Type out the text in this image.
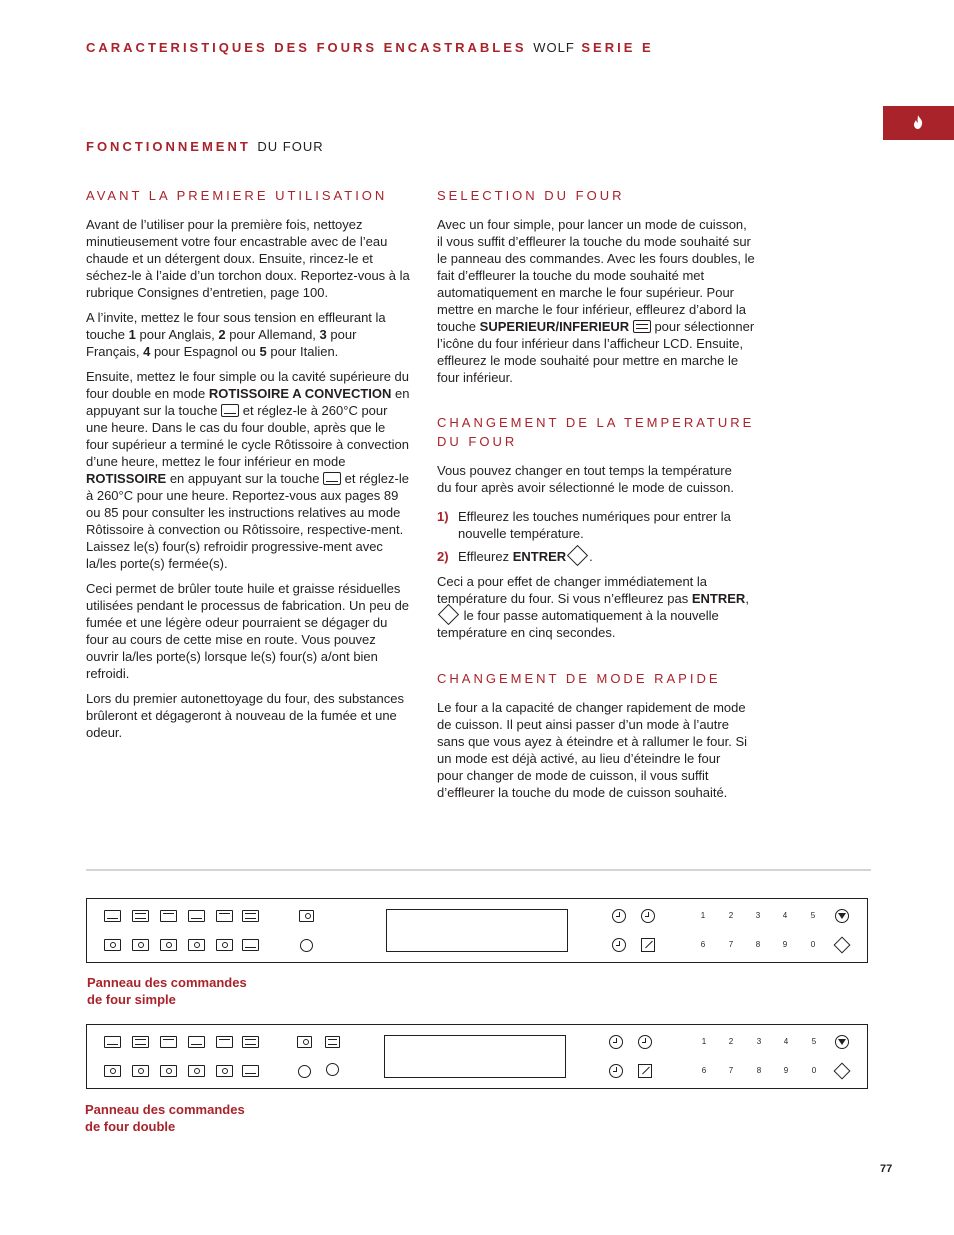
CARACTERISTIQUES DES FOURS ENCASTRABLES WOLF SERIE E
FONCTIONNEMENT DU FOUR
AVANT LA PREMIERE UTILISATION

Avant de l’utiliser pour la première fois, nettoyez minutieusement votre four encastrable avec de l’eau chaude et un détergent doux. Ensuite, rincez-le et séchez-le à l’aide d’un torchon doux. Reportez-vous à la rubrique Consignes d’entretien, page 100.

A l’invite, mettez le four sous tension en effleurant la touche 1 pour Anglais, 2 pour Allemand, 3 pour Français, 4 pour Espagnol ou 5 pour Italien.

Ensuite, mettez le four simple ou la cavité supérieure du four double en mode ROTISSOIRE A CONVECTION en appuyant sur la touche et réglez-le à 260°C pour une heure. Dans le cas du four double, après que le four supérieur a terminé le cycle Rôtissoire à convection d’une heure, mettez le four inférieur en mode ROTISSOIRE en appuyant sur la touche et réglez-le à 260°C pour une heure. Reportez-vous aux pages 89 ou 85 pour consulter les instructions relatives au mode Rôtissoire à convection ou Rôtissoire, respective-ment. Laissez le(s) four(s) refroidir progressive-ment avec la/les porte(s) fermée(s).

Ceci permet de brûler toute huile et graisse résiduelles utilisées pendant le processus de fabrication. Un peu de fumée et une légère odeur pourraient se dégager du four au cours de cette mise en route. Vous pouvez ouvrir la/les porte(s) lorsque le(s) four(s) a/ont bien refroidi.

Lors du premier autonettoyage du four, des substances brûleront et dégageront à nouveau de la fumée et une odeur.

SELECTION DU FOUR

Avec un four simple, pour lancer un mode de cuisson, il vous suffit d’effleurer la touche du mode souhaité sur le panneau des commandes. Avec les fours doubles, le fait d’effleurer la touche du mode souhaité met automatiquement en marche le four supérieur. Pour mettre en marche le four inférieur, effleurez d’abord la touche SUPERIEUR/INFERIEUR pour sélectionner l’icône du four inférieur dans l’afficheur LCD. Ensuite, effleurez le mode souhaité pour mettre en marche le four inférieur.

CHANGEMENT DE LA TEMPERATURE DU FOUR

Vous pouvez changer en tout temps la température du four après avoir sélectionné le mode de cuisson.

1) Effleurez les touches numériques pour entrer la nouvelle température.
2) Effleurez ENTRER .

Ceci a pour effet de changer immédiatement la température du four. Si vous n’effleurez pas ENTRER,  le four passe automatiquement à la nouvelle température en cinq secondes.

CHANGEMENT DE MODE RAPIDE

Le four a la capacité de changer rapidement de mode de cuisson. Il peut ainsi passer d’un mode à l’autre sans que vous ayez à éteindre et à rallumer le four. Si un mode est déjà activé, au lieu d’éteindre le four pour changer de mode de cuisson, il vous suffit d’effleurer la touche du mode de cuisson souhaité.

1	2	3	4	5
6	7	8	9	0
Panneau des commandes
de four simple
1	2	3	4	5
6	7	8	9	0
Panneau des commandes
de four double
77
